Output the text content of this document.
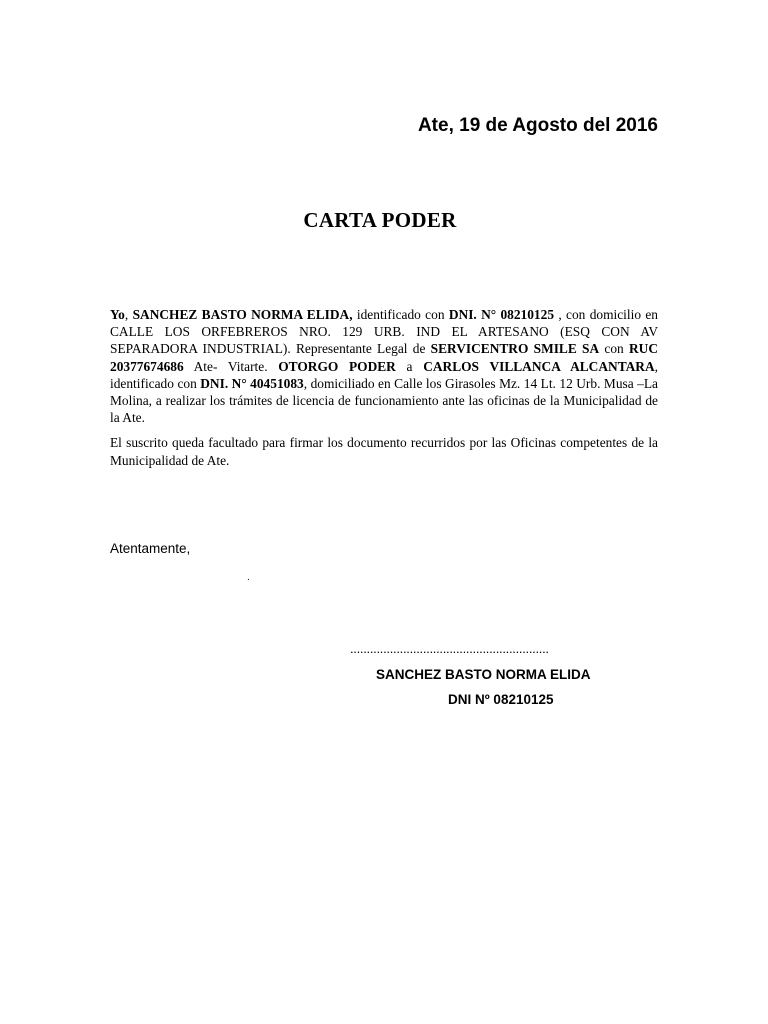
Ate, 19 de Agosto del 2016
CARTA PODER

Yo, SANCHEZ BASTO NORMA ELIDA, identificado con DNI. N° 08210125 , con domicilio en CALLE LOS ORFEBREROS NRO. 129 URB. IND EL ARTESANO (ESQ CON AV SEPARADORA INDUSTRIAL). Representante Legal de SERVICENTRO SMILE SA con RUC 20377674686 Ate- Vitarte. OTORGO PODER a CARLOS VILLANCA ALCANTARA, identificado con DNI. N° 40451083, domiciliado en Calle los Girasoles Mz. 14 Lt. 12 Urb. Musa –La Molina, a realizar los trámites de licencia de funcionamiento ante las oficinas de la Municipalidad de la Ate.

El suscrito queda facultado para firmar los documento recurridos por las Oficinas competentes de la Municipalidad de Ate.

Atentamente,
.
............................................................
SANCHEZ BASTO NORMA ELIDA
DNI Nº 08210125
